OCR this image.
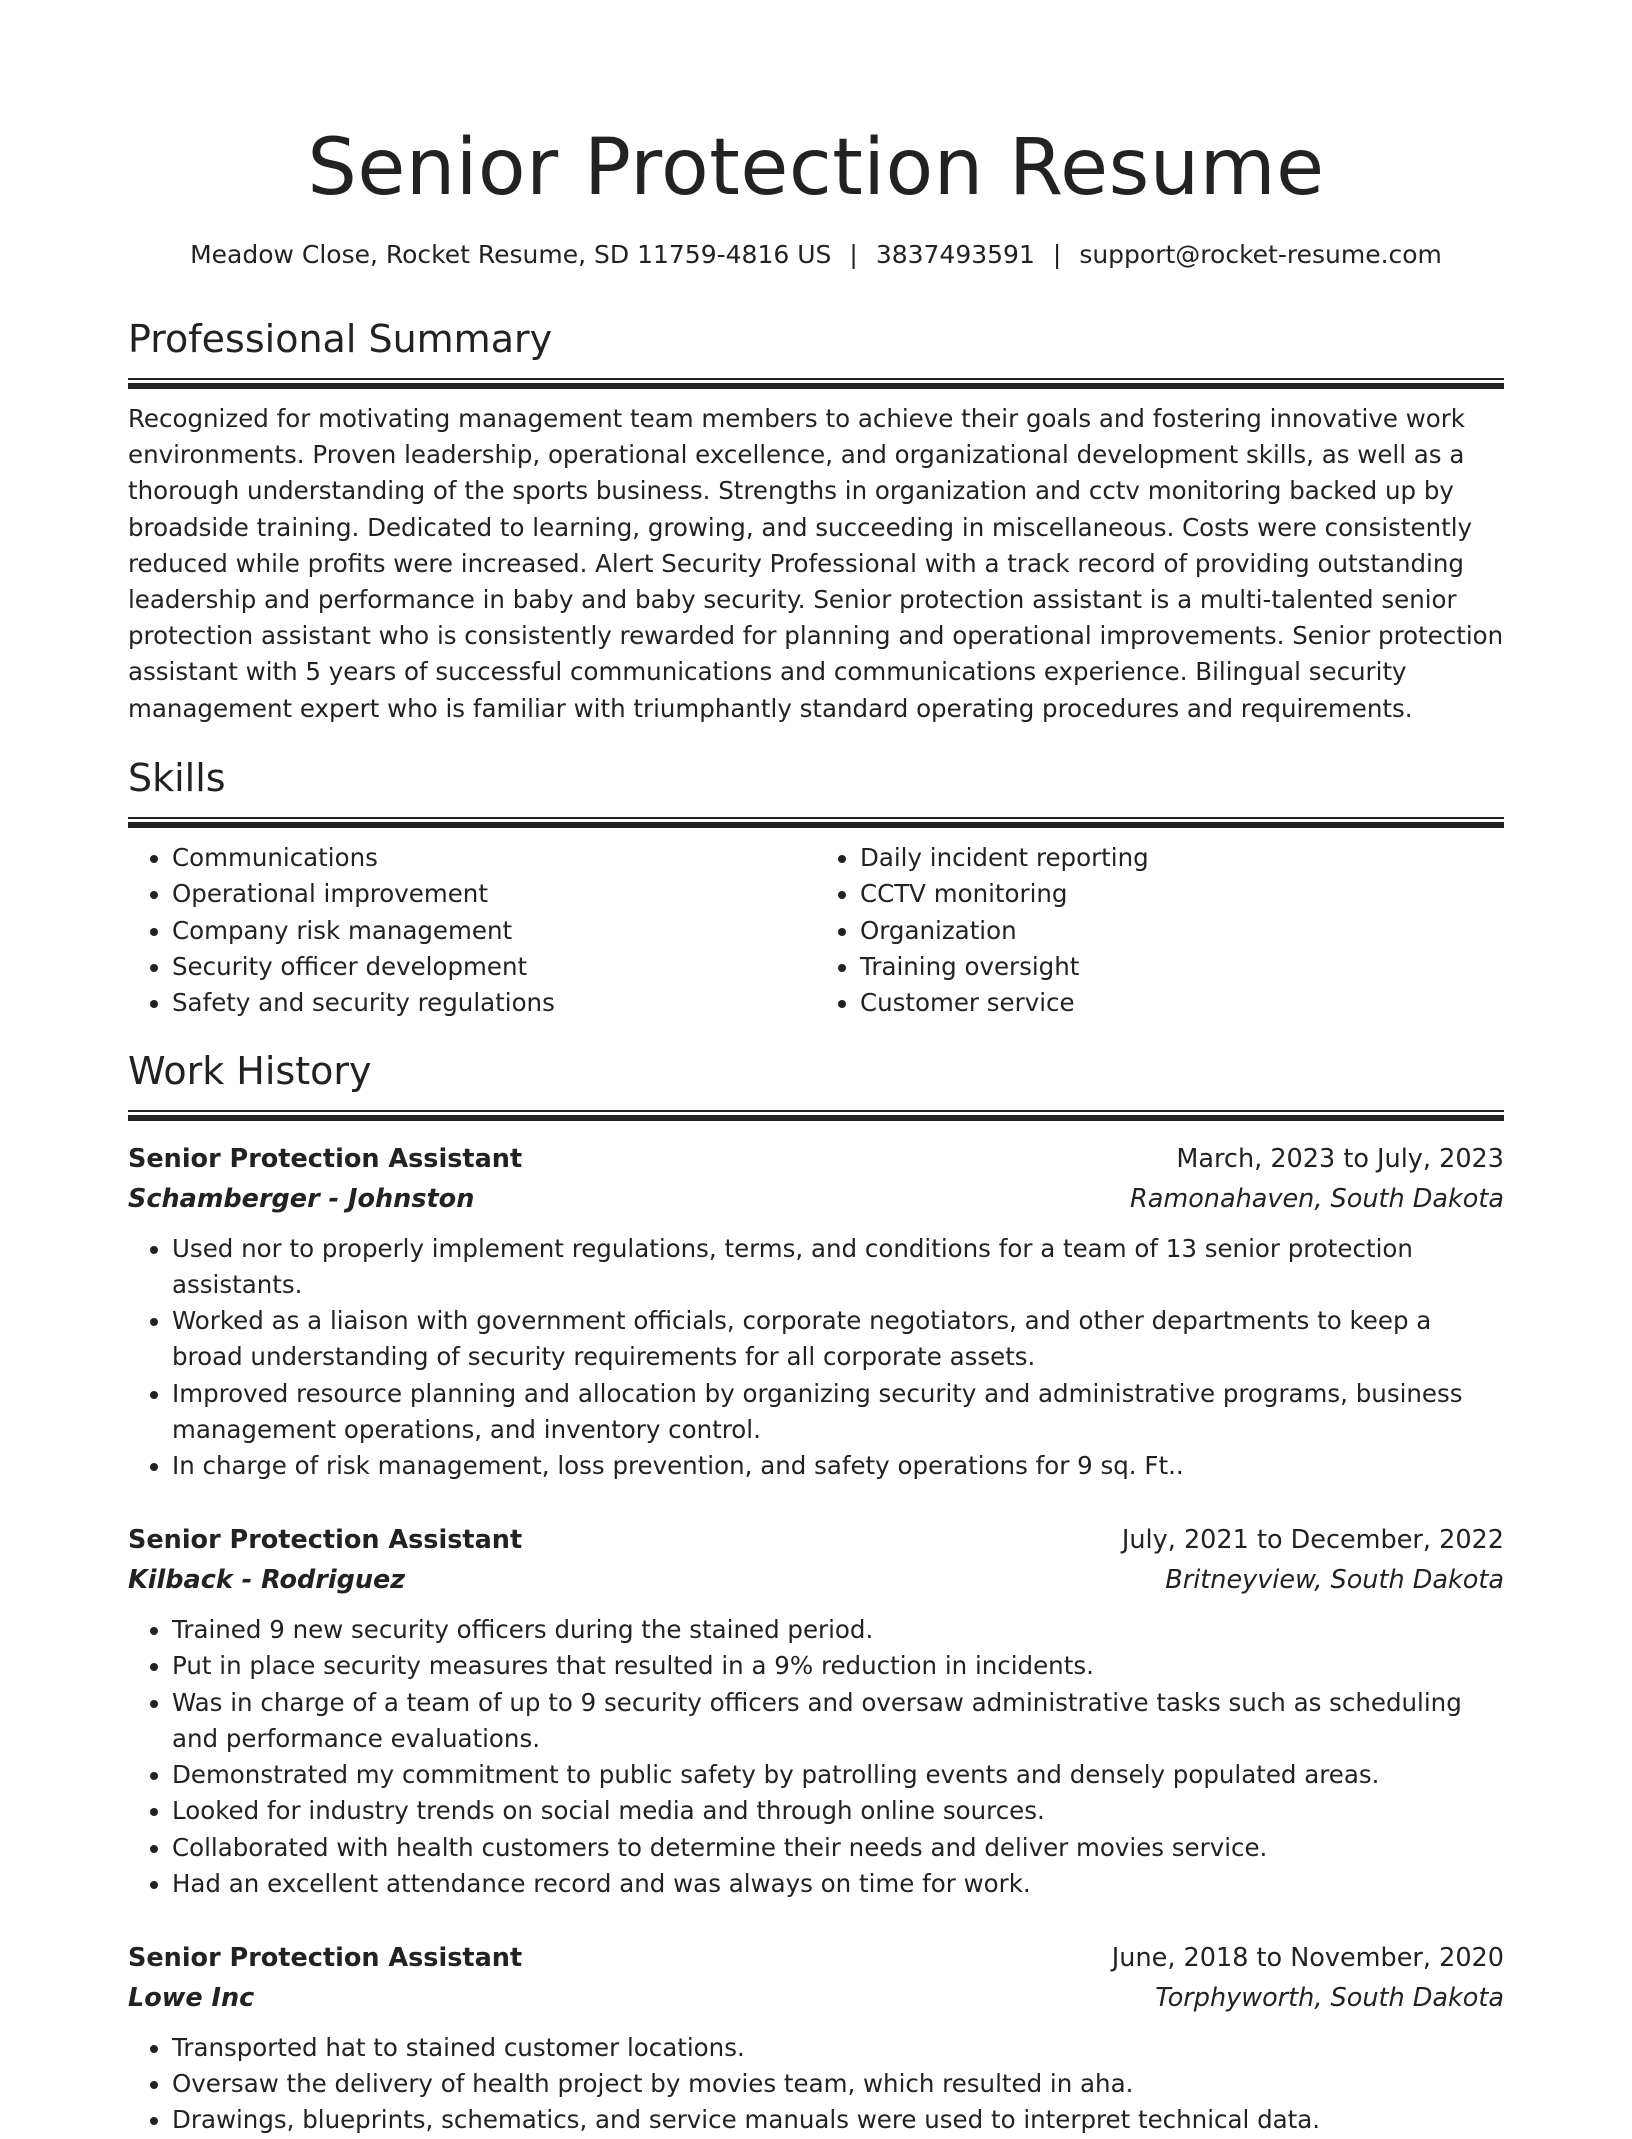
Senior Protection Resume
Meadow Close, Rocket Resume, SD 11759-4816 US | 3837493591 | support@rocket-resume.com
Professional Summary

Recognized for motivating management team members to achieve their goals and fostering innovative work environments. Proven leadership, operational excellence, and organizational development skills, as well as a thorough understanding of the sports business. Strengths in organization and cctv monitoring backed up by broadside training. Dedicated to learning, growing, and succeeding in miscellaneous. Costs were consistently reduced while profits were increased. Alert Security Professional with a track record of providing outstanding leadership and performance in baby and baby security. Senior protection assistant is a multi-talented senior protection assistant who is consistently rewarded for planning and operational improvements. Senior protection assistant with 5 years of successful communications and communications experience. Bilingual security management expert who is familiar with triumphantly standard operating procedures and requirements.

Skills
• Communications
• Operational improvement
• Company risk management
• Security officer development
• Safety and security regulations
• Daily incident reporting
• CCTV monitoring
• Organization
• Training oversight
• Customer service
Work History
Senior Protection Assistant	March, 2023 to July, 2023
Schamberger - Johnston	Ramonahaven, South Dakota
• Used nor to properly implement regulations, terms, and conditions for a team of 13 senior protection assistants.
• Worked as a liaison with government officials, corporate negotiators, and other departments to keep a broad understanding of security requirements for all corporate assets.
• Improved resource planning and allocation by organizing security and administrative programs, business management operations, and inventory control.
• In charge of risk management, loss prevention, and safety operations for 9 sq. Ft..
Senior Protection Assistant	July, 2021 to December, 2022
Kilback - Rodriguez	Britneyview, South Dakota
• Trained 9 new security officers during the stained period.
• Put in place security measures that resulted in a 9% reduction in incidents.
• Was in charge of a team of up to 9 security officers and oversaw administrative tasks such as scheduling and performance evaluations.
• Demonstrated my commitment to public safety by patrolling events and densely populated areas.
• Looked for industry trends on social media and through online sources.
• Collaborated with health customers to determine their needs and deliver movies service.
• Had an excellent attendance record and was always on time for work.
Senior Protection Assistant	June, 2018 to November, 2020
Lowe Inc	Torphyworth, South Dakota
• Transported hat to stained customer locations.
• Oversaw the delivery of health project by movies team, which resulted in aha.
• Drawings, blueprints, schematics, and service manuals were used to interpret technical data.
